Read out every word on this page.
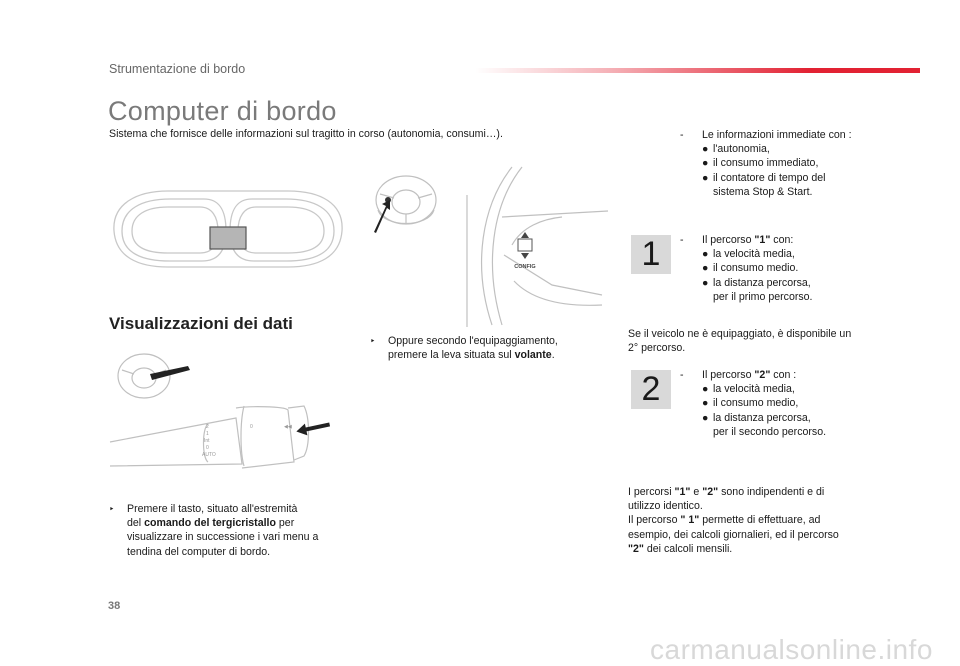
Strumentazione di bordo
Computer di bordo
Sistema che fornisce delle informazioni sul tragitto in corso (autonomia, consumi…).
CONFIG
Visualizzazioni dei dati
2
1
Int
0
AUTO
0	◀◀
‣	Premere il tasto, situato all'estremità
del comando del tergicristallo per
visualizzare in successione i vari menu a
tendina del computer di bordo.
‣	Oppure secondo l'equipaggiamento,
premere la leva situata sul volante.
-	Le informazioni immediate con :
● l'autonomia,
● il consumo immediato,
● il contatore di tempo del
sistema Stop & Start.
1	-	Il percorso "1" con:
● la velocità media,
● il consumo medio.
● la distanza percorsa,
per il primo percorso.
Se il veicolo ne è equipaggiato, è disponibile un
2° percorso.
2	-	Il percorso "2" con :
● la velocità media,
● il consumo medio,
● la distanza percorsa,
per il secondo percorso.
I percorsi "1" e "2" sono indipendenti e di
utilizzo identico.
Il percorso " 1" permette di effettuare, ad
esempio, dei calcoli giornalieri, ed il percorso
"2" dei calcoli mensili.
38
carmanualsonline.info
